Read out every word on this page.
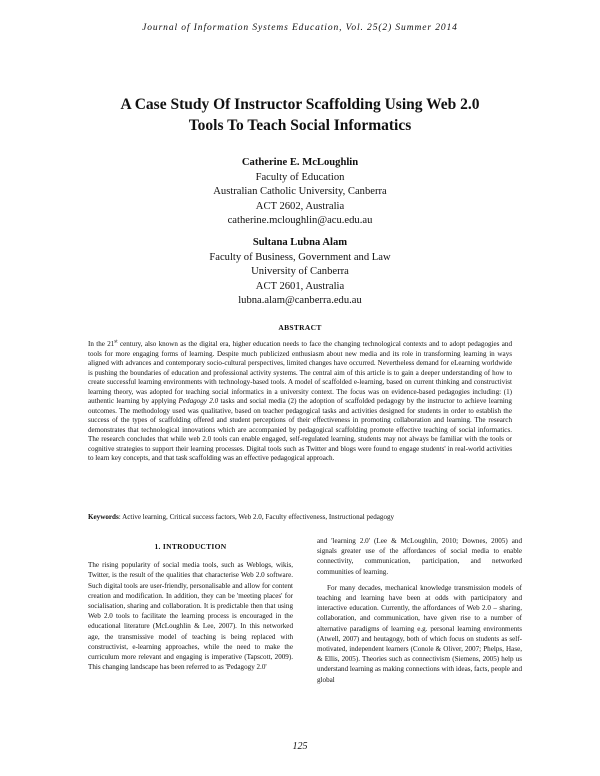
Journal of Information Systems Education, Vol. 25(2) Summer 2014
A Case Study Of Instructor Scaffolding Using Web 2.0
Tools To Teach Social Informatics
Catherine E. McLoughlin
Faculty of Education
Australian Catholic University, Canberra
ACT 2602, Australia
catherine.mcloughlin@acu.edu.au
Sultana Lubna Alam
Faculty of Business, Government and Law
University of Canberra
ACT 2601, Australia
lubna.alam@canberra.edu.au
ABSTRACT

In the 21st century, also known as the digital era, higher education needs to face the changing technological contexts and to adopt pedagogies and tools for more engaging forms of learning. Despite much publicized enthusiasm about new media and its role in transforming learning in ways aligned with advances and contemporary socio-cultural perspectives, limited changes have occurred. Nevertheless demand for eLearning worldwide is pushing the boundaries of education and professional activity systems. The central aim of this article is to gain a deeper understanding of how to create successful learning environments with technology-based tools. A model of scaffolded e-learning, based on current thinking and constructivist learning theory, was adopted for teaching social informatics in a university context. The focus was on evidence-based pedagogies including: (1) authentic learning by applying Pedagogy 2.0 tasks and social media (2) the adoption of scaffolded pedagogy by the instructor to achieve learning outcomes. The methodology used was qualitative, based on teacher pedagogical tasks and activities designed for students in order to establish the success of the types of scaffolding offered and student perceptions of their effectiveness in promoting collaboration and learning. The research demonstrates that technological innovations which are accompanied by pedagogical scaffolding promote effective teaching of social informatics. The research concludes that while web 2.0 tools can enable engaged, self-regulated learning, students may not always be familiar with the tools or cognitive strategies to support their learning processes. Digital tools such as Twitter and blogs were found to engage students' in real-world activities to learn key concepts, and that task scaffolding was an effective pedagogical approach.

Keywords: Active learning, Critical success factors, Web 2.0, Faculty effectiveness, Instructional pedagogy

1. INTRODUCTION

The rising popularity of social media tools, such as Weblogs, wikis, Twitter, is the result of the qualities that characterise Web 2.0 software. Such digital tools are user-friendly, personalisable and allow for content creation and modification. In addition, they can be 'meeting places' for socialisation, sharing and collaboration. It is predictable then that using Web 2.0 tools to facilitate the learning process is encouraged in the educational literature (McLoughlin & Lee, 2007). In this networked age, the transmissive model of teaching is being replaced with constructivist, e-learning approaches, while the need to make the curriculum more relevant and engaging is imperative (Tapscott, 2009). This changing landscape has been referred to as 'Pedagogy 2.0'

and 'learning 2.0' (Lee & McLoughlin, 2010; Downes, 2005) and signals greater use of the affordances of social media to enable connectivity, communication, participation, and networked communities of learning.

For many decades, mechanical knowledge transmission models of teaching and learning have been at odds with participatory and interactive education. Currently, the affordances of Web 2.0 – sharing, collaboration, and communication, have given rise to a number of alternative paradigms of learning e.g. personal learning environments (Atwell, 2007) and heutagogy, both of which focus on students as self-motivated, independent learners (Conole & Oliver, 2007; Phelps, Hase, & Ellis, 2005). Theories such as connectivism (Siemens, 2005) help us understand learning as making connections with ideas, facts, people and global

125
